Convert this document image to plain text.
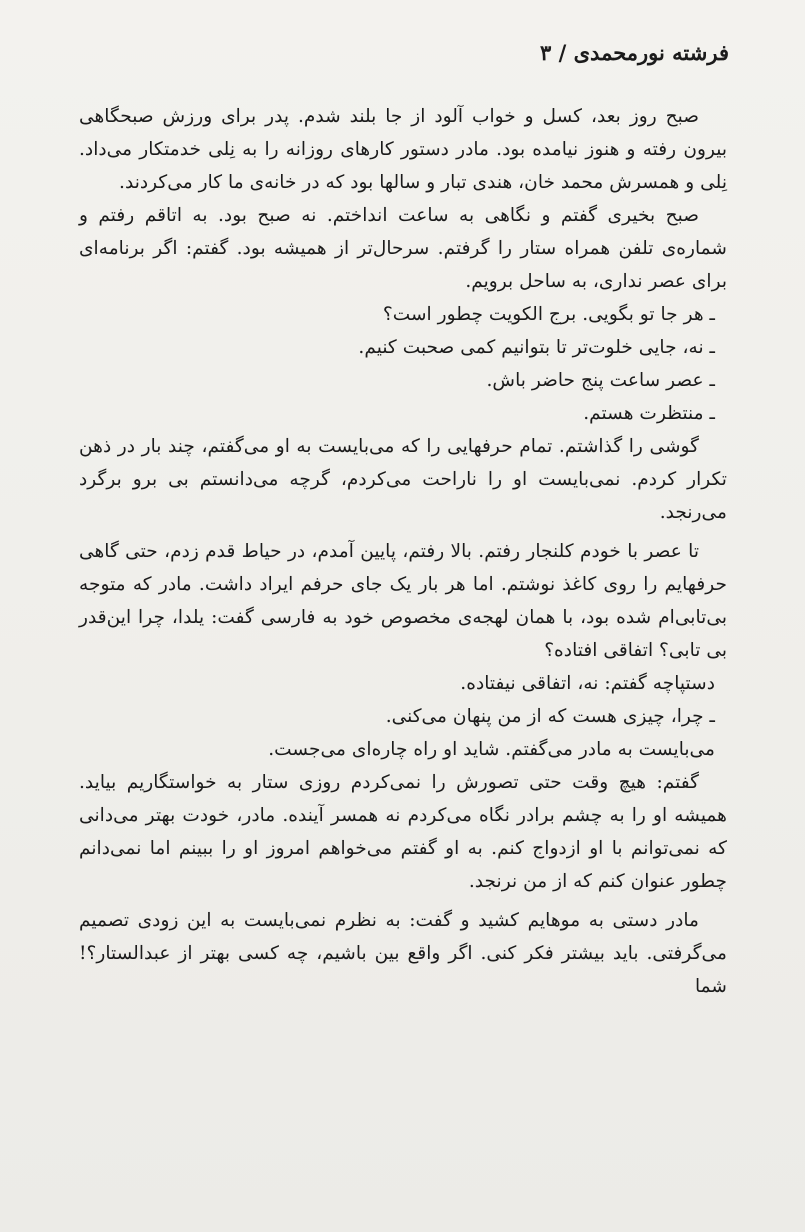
فرشته نورمحمدی / ۳

صبح روز بعد، کسل و خواب آلود از جا بلند شدم. پدر برای ورزش صبحگاهی بیرون رفته و هنوز نیامده بود. مادر دستور کارهای روزانه را به نِلی خدمتکار می‌داد. نِلی و همسرش محمد خان، هندی تبار و سالها بود که در خانه‌ی ما کار می‌کردند.

صبح بخیری گفتم و نگاهی به ساعت انداختم. نه صبح بود. به اتاقم رفتم و شماره‌ی تلفن همراه ستار را گرفتم. سرحال‌تر از همیشه بود. گفتم: اگر برنامه‌ای برای عصر نداری، به ساحل برویم.

ـ هر جا تو بگویی. برج الکویت چطور است؟

ـ نه، جایی خلوت‌تر تا بتوانیم کمی صحبت کنیم.

ـ عصر ساعت پنج حاضر باش.

ـ منتظرت هستم.

گوشی را گذاشتم. تمام حرفهایی را که می‌بایست به او می‌گفتم، چند بار در ذهن تکرار کردم. نمی‌بایست او را ناراحت می‌کردم، گرچه می‌دانستم بی برو برگرد می‌رنجد.

تا عصر با خودم کلنجار رفتم. بالا رفتم، پایین آمدم، در حیاط قدم زدم، حتی گاهی حرفهایم را روی کاغذ نوشتم. اما هر بار یک جای حرفم ایراد داشت. مادر که متوجه بی‌تابی‌ام شده بود، با همان لهجه‌ی مخصوص خود به فارسی گفت: یلدا، چرا این‌قدر بی تابی؟ اتفاقی افتاده؟

دستپاچه گفتم: نه، اتفاقی نیفتاده.

ـ چرا، چیزی هست که از من پنهان می‌کنی.

می‌بایست به مادر می‌گفتم. شاید او راه چاره‌ای می‌جست.

گفتم: هیچ وقت حتی تصورش را نمی‌کردم روزی ستار به خواستگاریم بیاید. همیشه او را به چشم برادر نگاه می‌کردم نه همسر آینده. مادر، خودت بهتر می‌دانی که نمی‌توانم با او ازدواج کنم. به او گفتم می‌خواهم امروز او را ببینم اما نمی‌دانم چطور عنوان کنم که از من نرنجد.

مادر دستی به موهایم کشید و گفت: به نظرم نمی‌بایست به این زودی تصمیم می‌گرفتی. باید بیشتر فکر کنی. اگر واقع بین باشیم، چه کسی بهتر از عبدالستار؟! شما
